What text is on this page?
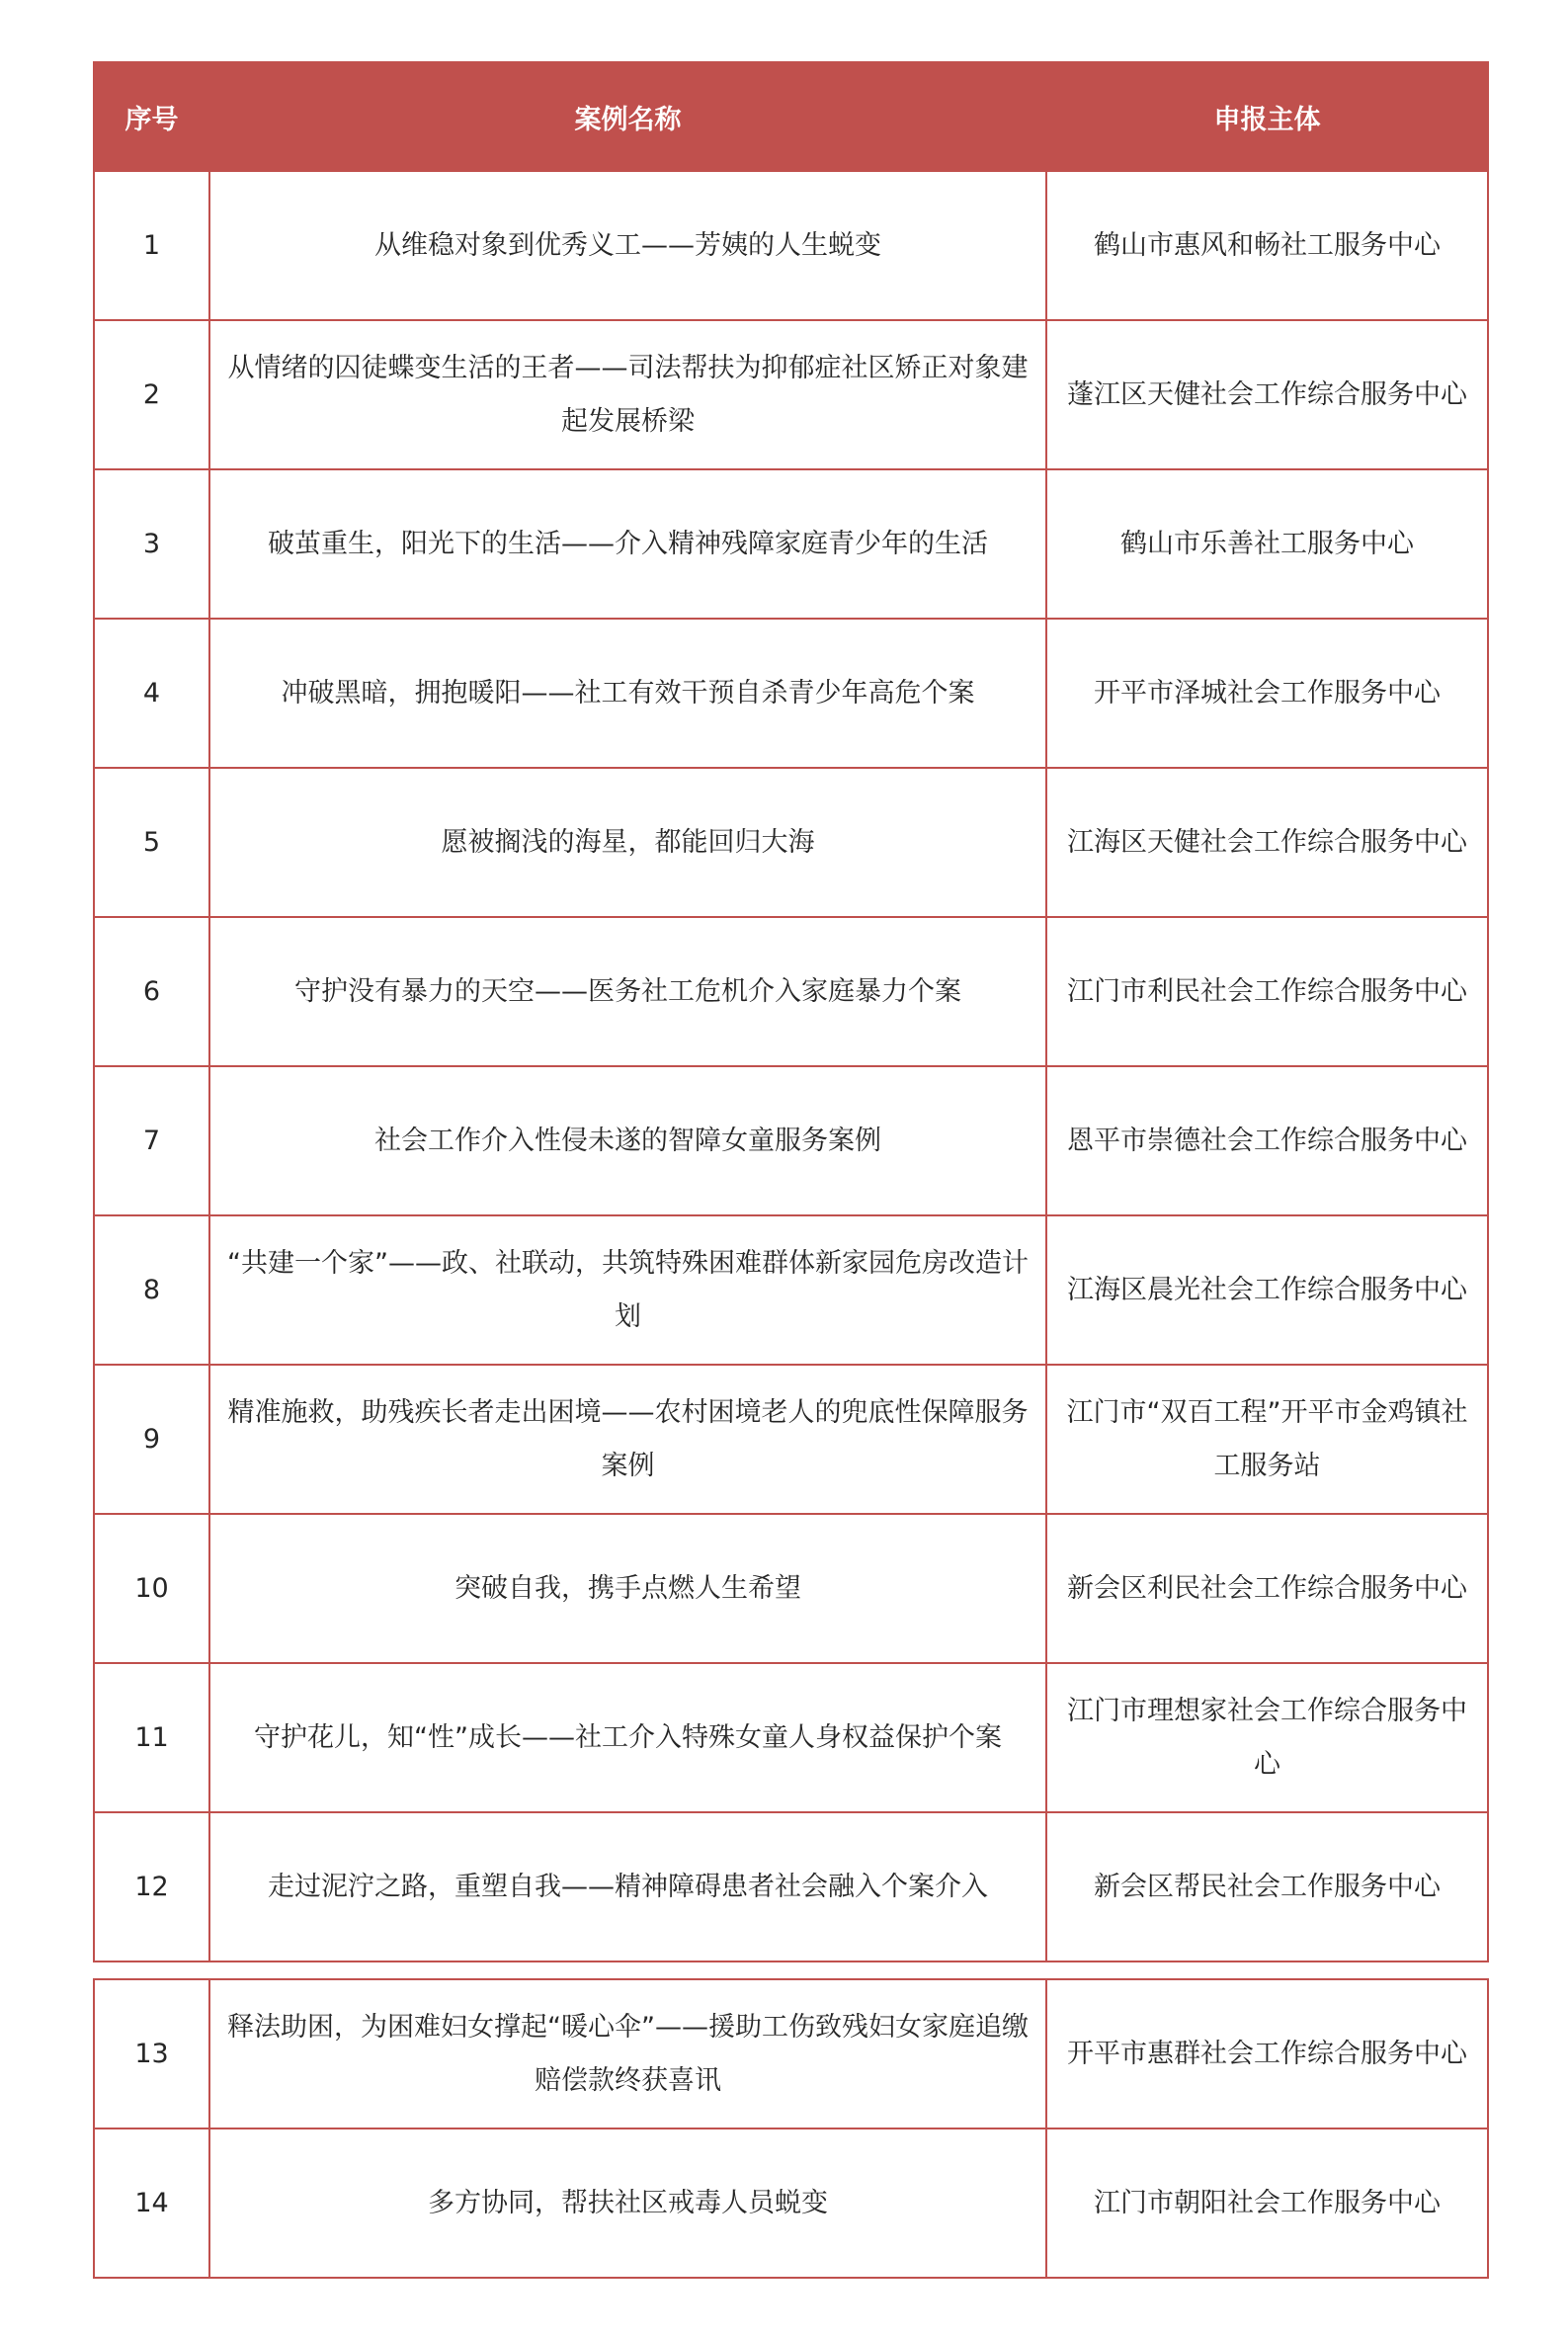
序号	案例名称	申报主体
1	从维稳对象到优秀义工——芳姨的人生蜕变	鹤山市惠风和畅社工服务中心
2	从情绪的囚徒蝶变生活的王者——司法帮扶为抑郁症社区矫正对象建起发展桥梁	蓬江区天健社会工作综合服务中心
3	破茧重生，阳光下的生活——介入精神残障家庭青少年的生活	鹤山市乐善社工服务中心
4	冲破黑暗，拥抱暖阳——社工有效干预自杀青少年高危个案	开平市泽城社会工作服务中心
5	愿被搁浅的海星，都能回归大海	江海区天健社会工作综合服务中心
6	守护没有暴力的天空——医务社工危机介入家庭暴力个案	江门市利民社会工作综合服务中心
7	社会工作介入性侵未遂的智障女童服务案例	恩平市崇德社会工作综合服务中心
8	“共建一个家”——政、社联动，共筑特殊困难群体新家园危房改造计划	江海区晨光社会工作综合服务中心
9	精准施救，助残疾长者走出困境——农村困境老人的兜底性保障服务案例	江门市“双百工程”开平市金鸡镇社工服务站
10	突破自我，携手点燃人生希望	新会区利民社会工作综合服务中心
11	守护花儿，知“性”成长——社工介入特殊女童人身权益保护个案	江门市理想家社会工作综合服务中心
12	走过泥泞之路，重塑自我——精神障碍患者社会融入个案介入	新会区帮民社会工作服务中心
13	释法助困，为困难妇女撑起“暖心伞”——援助工伤致残妇女家庭追缴赔偿款终获喜讯	开平市惠群社会工作综合服务中心
14	多方协同，帮扶社区戒毒人员蜕变	江门市朝阳社会工作服务中心
